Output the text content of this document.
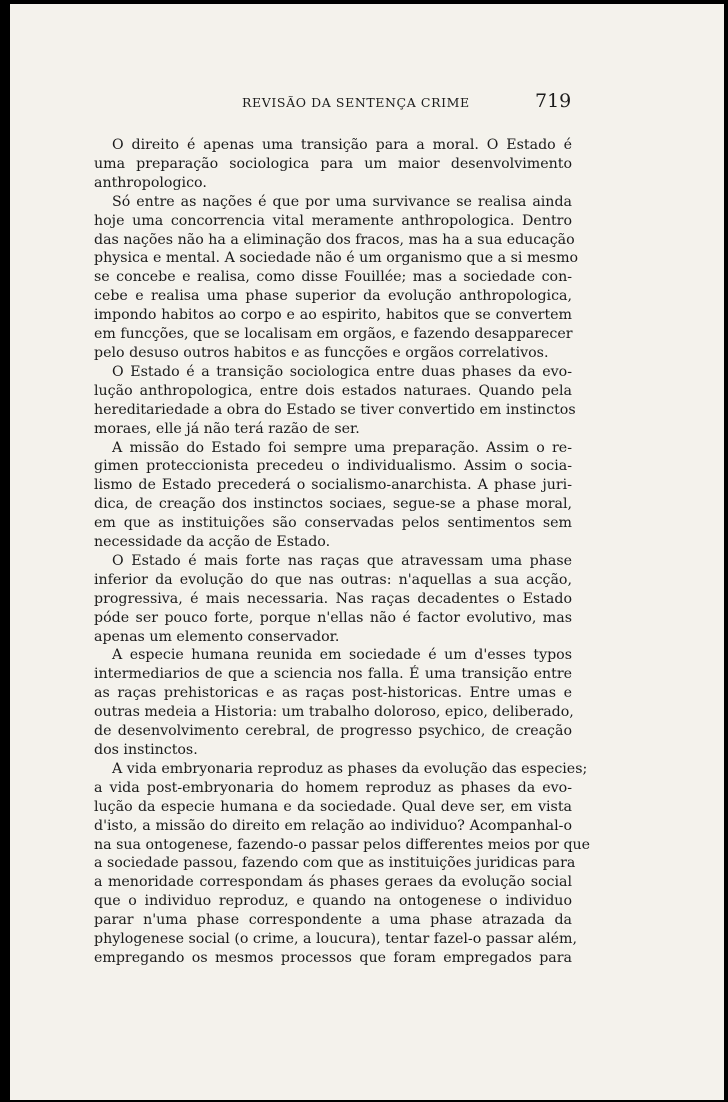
REVISÃO DA SENTENÇA CRIME	719
O direito é apenas uma transição para a moral. O Estado é
uma preparação sociologica para um maior desenvolvimento
anthropologico.
Só entre as nações é que por uma survivance se realisa ainda
hoje uma concorrencia vital meramente anthropologica. Dentro
das nações não ha a eliminação dos fracos, mas ha a sua educação
physica e mental. A sociedade não é um organismo que a si mesmo
se concebe e realisa, como disse Fouillée; mas a sociedade con-
cebe e realisa uma phase superior da evolução anthropologica,
impondo habitos ao corpo e ao espirito, habitos que se convertem
em funcções, que se localisam em orgãos, e fazendo desapparecer
pelo desuso outros habitos e as funcções e orgãos correlativos.
O Estado é a transição sociologica entre duas phases da evo-
lução anthropologica, entre dois estados naturaes. Quando pela
hereditariedade a obra do Estado se tiver convertido em instinctos
moraes, elle já não terá razão de ser.
A missão do Estado foi sempre uma preparação. Assim o re-
gimen proteccionista precedeu o individualismo. Assim o socia-
lismo de Estado precederá o socialismo-anarchista. A phase juri-
dica, de creação dos instinctos sociaes, segue-se a phase moral,
em que as instituições são conservadas pelos sentimentos sem
necessidade da acção de Estado.
O Estado é mais forte nas raças que atravessam uma phase
inferior da evolução do que nas outras: n'aquellas a sua acção,
progressiva, é mais necessaria. Nas raças decadentes o Estado
póde ser pouco forte, porque n'ellas não é factor evolutivo, mas
apenas um elemento conservador.
A especie humana reunida em sociedade é um d'esses typos
intermediarios de que a sciencia nos falla. É uma transição entre
as raças prehistoricas e as raças post-historicas. Entre umas e
outras medeia a Historia: um trabalho doloroso, epico, deliberado,
de desenvolvimento cerebral, de progresso psychico, de creação
dos instinctos.
A vida embryonaria reproduz as phases da evolução das especies;
a vida post-embryonaria do homem reproduz as phases da evo-
lução da especie humana e da sociedade. Qual deve ser, em vista
d'isto, a missão do direito em relação ao individuo? Acompanhal-o
na sua ontogenese, fazendo-o passar pelos differentes meios por que
a sociedade passou, fazendo com que as instituições juridicas para
a menoridade correspondam ás phases geraes da evolução social
que o individuo reproduz, e quando na ontogenese o individuo
parar n'uma phase correspondente a uma phase atrazada da
phylogenese social (o crime, a loucura), tentar fazel-o passar além,
empregando os mesmos processos que foram empregados para
